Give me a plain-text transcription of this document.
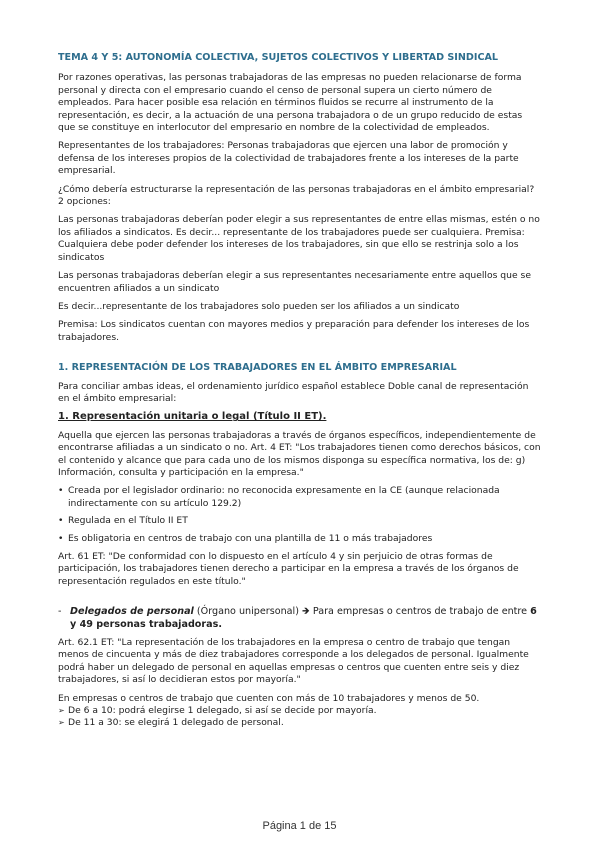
TEMA 4 Y 5: AUTONOMÍA COLECTIVA, SUJETOS COLECTIVOS Y LIBERTAD SINDICAL

Por razones operativas, las personas trabajadoras de las empresas no pueden relacionarse de forma personal y directa con el empresario cuando el censo de personal supera un cierto número de empleados. Para hacer posible esa relación en términos fluidos se recurre al instrumento de la representación, es decir, a la actuación de una persona trabajadora o de un grupo reducido de estas que se constituye en interlocutor del empresario en nombre de la colectividad de empleados.

Representantes de los trabajadores: Personas trabajadoras que ejercen una labor de promoción y defensa de los intereses propios de la colectividad de trabajadores frente a los intereses de la parte empresarial.

¿Cómo debería estructurarse la representación de las personas trabajadoras en el ámbito empresarial? 2 opciones:

Las personas trabajadoras deberían poder elegir a sus representantes de entre ellas mismas, estén o no los afiliados a sindicatos. Es decir... representante de los trabajadores puede ser cualquiera. Premisa: Cualquiera debe poder defender los intereses de los trabajadores, sin que ello se restrinja solo a los sindicatos

Las personas trabajadoras deberían elegir a sus representantes necesariamente entre aquellos que se encuentren afiliados a un sindicato

Es decir...representante de los trabajadores solo pueden ser los afiliados a un sindicato

Premisa: Los sindicatos cuentan con mayores medios y preparación para defender los intereses de los trabajadores.

1. REPRESENTACIÓN DE LOS TRABAJADORES EN EL ÁMBITO EMPRESARIAL

Para conciliar ambas ideas, el ordenamiento jurídico español establece Doble canal de representación en el ámbito empresarial:

1. Representación unitaria o legal (Título II ET).

Aquella que ejercen las personas trabajadoras a través de órganos específicos, independientemente de encontrarse afiliadas a un sindicato o no. Art. 4 ET: "Los trabajadores tienen como derechos básicos, con el contenido y alcance que para cada uno de los mismos disponga su específica normativa, los de: g) Información, consulta y participación en la empresa."

• Creada por el legislador ordinario: no reconocida expresamente en la CE (aunque relacionada indirectamente con su artículo 129.2)
• Regulada en el Título II ET
• Es obligatoria en centros de trabajo con una plantilla de 11 o más trabajadores

Art. 61 ET: "De conformidad con lo dispuesto en el artículo 4 y sin perjuicio de otras formas de participación, los trabajadores tienen derecho a participar en la empresa a través de los órganos de representación regulados en este título."

- Delegados de personal (Órgano unipersonal) 🡺 Para empresas o centros de trabajo de entre 6 y 49 personas trabajadoras.

Art. 62.1 ET: "La representación de los trabajadores en la empresa o centro de trabajo que tengan menos de cincuenta y más de diez trabajadores corresponde a los delegados de personal. Igualmente podrá haber un delegado de personal en aquellas empresas o centros que cuenten entre seis y diez trabajadores, si así lo decidieran estos por mayoría."

En empresas o centros de trabajo que cuenten con más de 10 trabajadores y menos de 50.

➢ De 6 a 10: podrá elegirse 1 delegado, si así se decide por mayoría.
➢ De 11 a 30: se elegirá 1 delegado de personal.
Página 1 de 15
